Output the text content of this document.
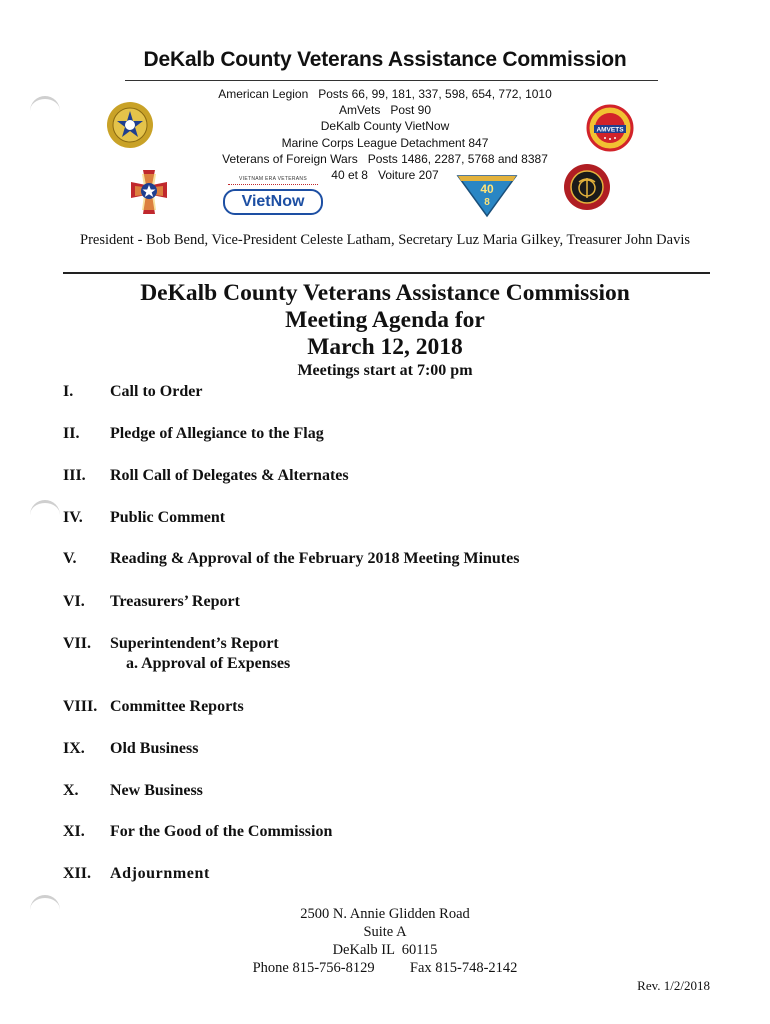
DeKalb County Veterans Assistance Commission
American Legion   Posts 66, 99, 181, 337, 598, 654, 772, 1010
AmVets   Post 90
DeKalb County VietNow
Marine Corps League Detachment 847
Veterans of Foreign Wars   Posts 1486, 2287, 5768 and 8387
40 et 8   Voiture 207
VIETNAM ERA VETERANS
VietNow
AMVETS
40
8
President - Bob Bend, Vice-President Celeste Latham, Secretary Luz Maria Gilkey, Treasurer John Davis
DeKalb County Veterans Assistance Commission
Meeting Agenda for
March 12, 2018
Meetings start at 7:00 pm
I. Call to Order
II. Pledge of Allegiance to the Flag
III. Roll Call of Delegates & Alternates
IV. Public Comment
V. Reading & Approval of the February 2018 Meeting Minutes
VI. Treasurers’ Report
VII. Superintendent’s Report
a. Approval of Expenses
VIII. Committee Reports
IX. Old Business
X. New Business
XI. For the Good of the Commission
XII. Adjournment
2500 N. Annie Glidden Road
Suite A
DeKalb IL  60115
Phone 815-756-8129 Fax 815-748-2142
Rev. 1/2/2018
